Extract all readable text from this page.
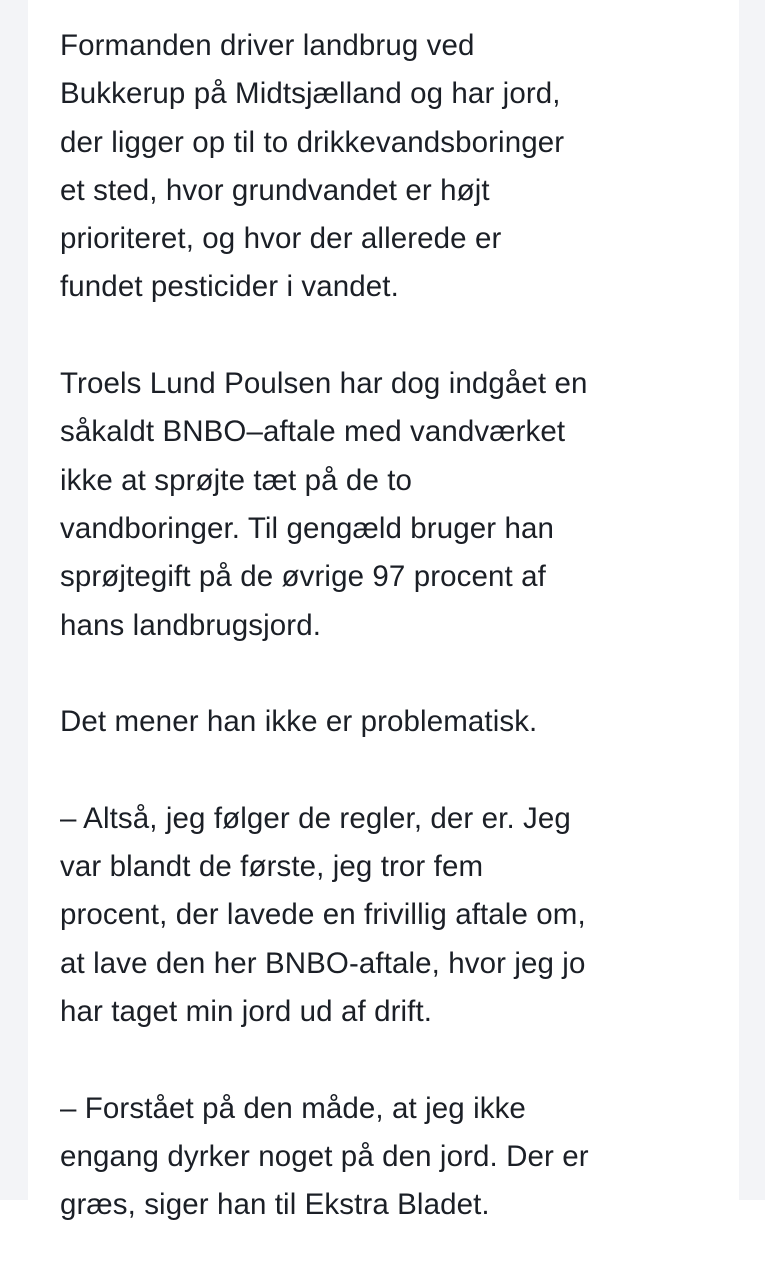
Formanden driver landbrug ved
Bukkerup på Midtsjælland og har jord,
der ligger op til to drikkevandsboringer
et sted, hvor grundvandet er højt
prioriteret, og hvor der allerede er
fundet pesticider i vandet.

Troels Lund Poulsen har dog indgået en
såkaldt BNBO–aftale med vandværket
ikke at sprøjte tæt på de to
vandboringer. Til gengæld bruger han
sprøjtegift på de øvrige 97 procent af
hans landbrugsjord.

Det mener han ikke er problematisk.

– Altså, jeg følger de regler, der er. Jeg
var blandt de første, jeg tror fem
procent, der lavede en frivillig aftale om,
at lave den her BNBO-aftale, hvor jeg jo
har taget min jord ud af drift.

– Forstået på den måde, at jeg ikke
engang dyrker noget på den jord. Der er
græs, siger han til Ekstra Bladet.
